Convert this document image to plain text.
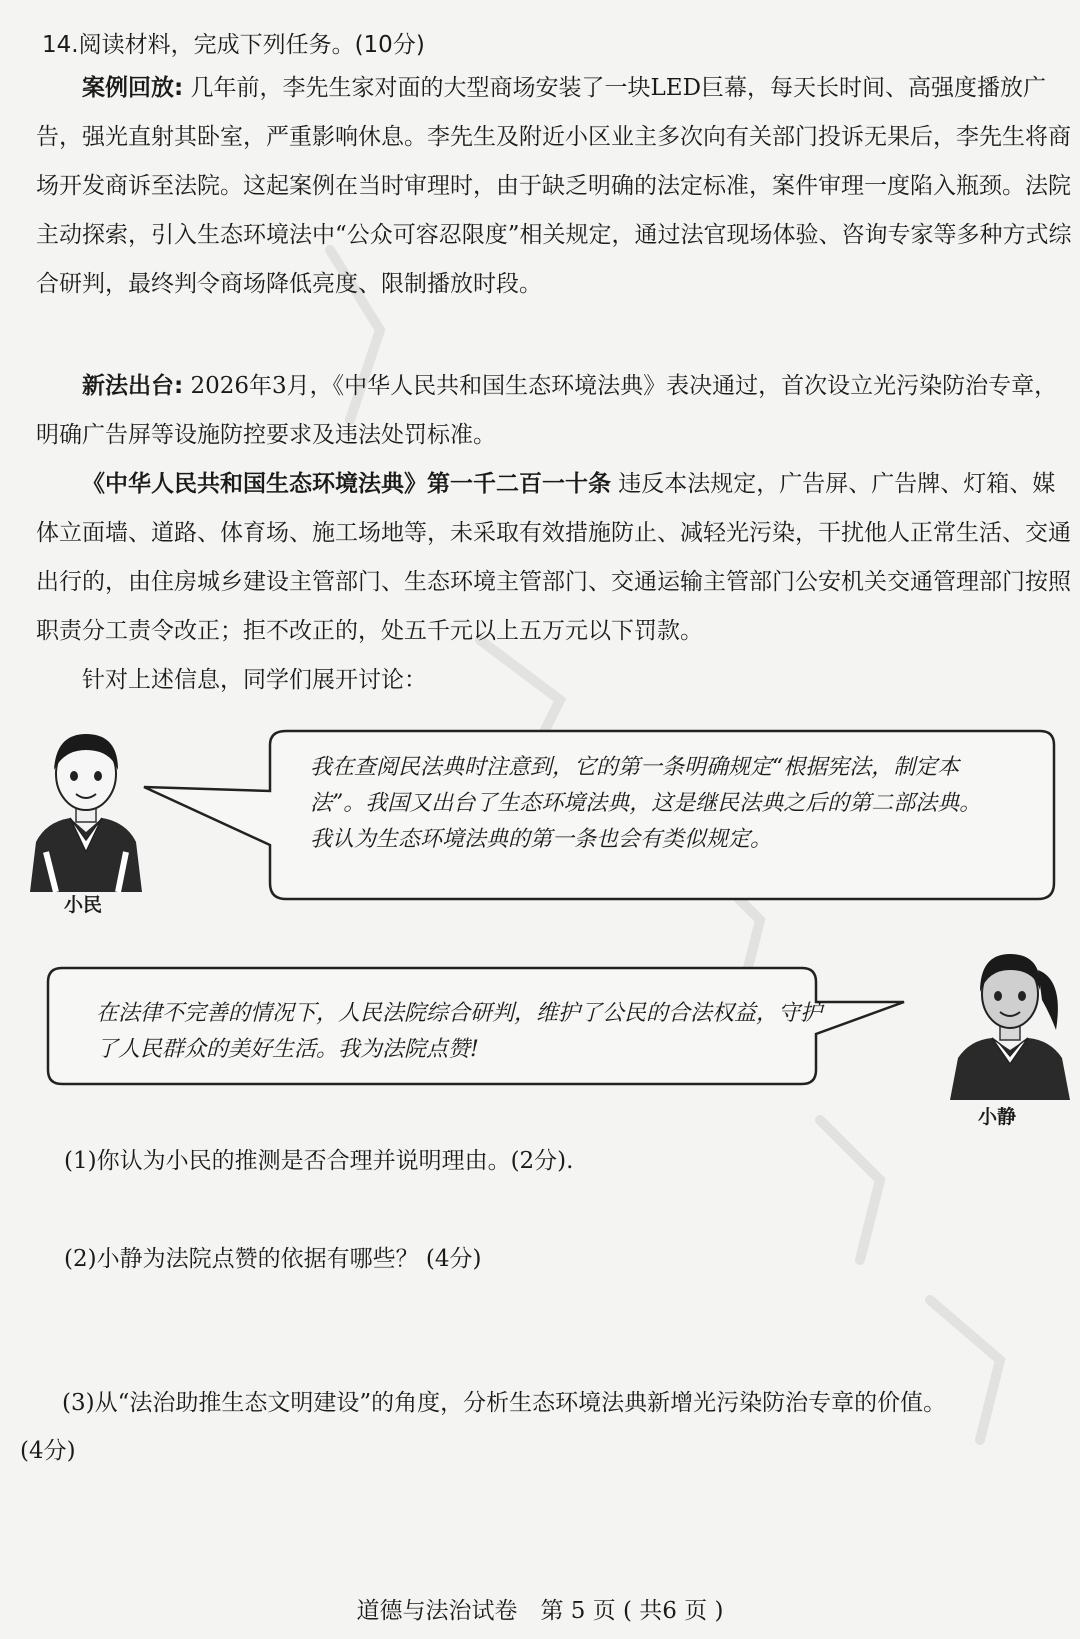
14.阅读材料，完成下列任务。(10分)

案例回放: 几年前，李先生家对面的大型商场安装了一块LED巨幕，每天长时间、高强度播放广告，强光直射其卧室，严重影响休息。李先生及附近小区业主多次向有关部门投诉无果后，李先生将商场开发商诉至法院。这起案例在当时审理时，由于缺乏明确的法定标准，案件审理一度陷入瓶颈。法院主动探索，引入生态环境法中“公众可容忍限度”相关规定，通过法官现场体验、咨询专家等多种方式综合研判，最终判令商场降低亮度、限制播放时段。

新法出台: 2026年3月，《中华人民共和国生态环境法典》表决通过，首次设立光污染防治专章，明确广告屏等设施防控要求及违法处罚标准。

《中华人民共和国生态环境法典》第一千二百一十条 违反本法规定，广告屏、广告牌、灯箱、媒体立面墙、道路、体育场、施工场地等，未采取有效措施防止、减轻光污染，干扰他人正常生活、交通出行的，由住房城乡建设主管部门、生态环境主管部门、交通运输主管部门公安机关交通管理部门按照职责分工责令改正；拒不改正的，处五千元以上五万元以下罚款。

针对上述信息，同学们展开讨论：

小民
我在查阅民法典时注意到，它的第一条明确规定“根据宪法，制定本法”。我国又出台了生态环境法典，这是继民法典之后的第二部法典。我认为生态环境法典的第一条也会有类似规定。
在法律不完善的情况下，人民法院综合研判，维护了公民的合法权益，守护了人民群众的美好生活。我为法院点赞!
小静
(1)你认为小民的推测是否合理并说明理由。(2分).
(2)小静为法院点赞的依据有哪些？ (4分)
(3)从“法治助推生态文明建设”的角度，分析生态环境法典新增光污染防治专章的价值。
(4分)
道德与法治试卷　第 5 页 ( 共6 页 )
